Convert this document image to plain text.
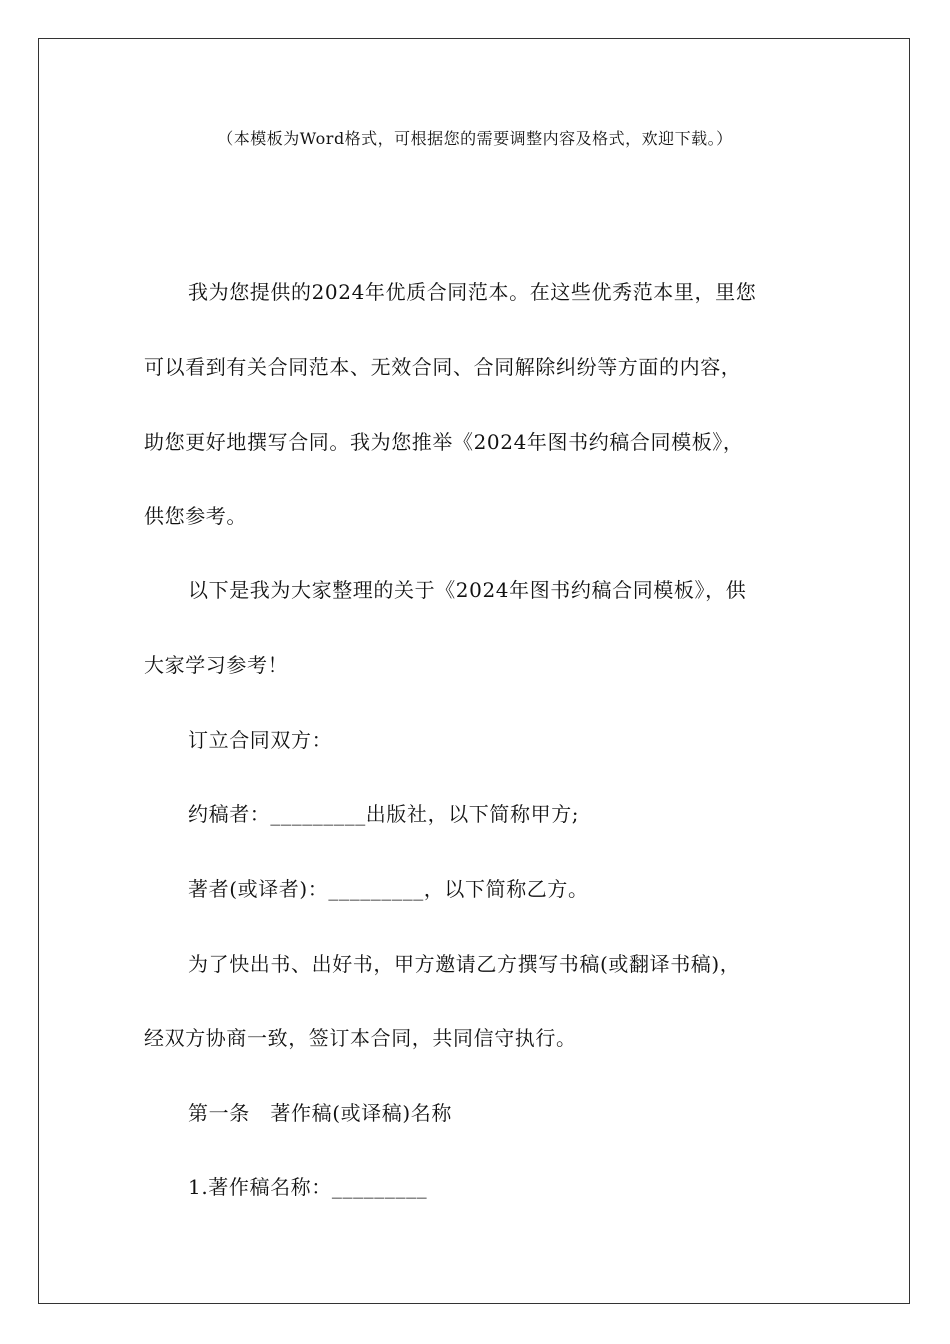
（本模板为Word格式，可根据您的需要调整内容及格式，欢迎下载。）
我为您提供的2024年优质合同范本。在这些优秀范本里，里您
可以看到有关合同范本、无效合同、合同解除纠纷等方面的内容，
助您更好地撰写合同。我为您推举《2024年图书约稿合同模板》，
供您参考。
以下是我为大家整理的关于《2024年图书约稿合同模板》，供
大家学习参考！
订立合同双方：
约稿者：_________出版社，以下简称甲方;
著者(或译者)：_________，以下简称乙方。
为了快出书、出好书，甲方邀请乙方撰写书稿(或翻译书稿)，
经双方协商一致，签订本合同，共同信守执行。
第一条　著作稿(或译稿)名称
1.著作稿名称：_________
